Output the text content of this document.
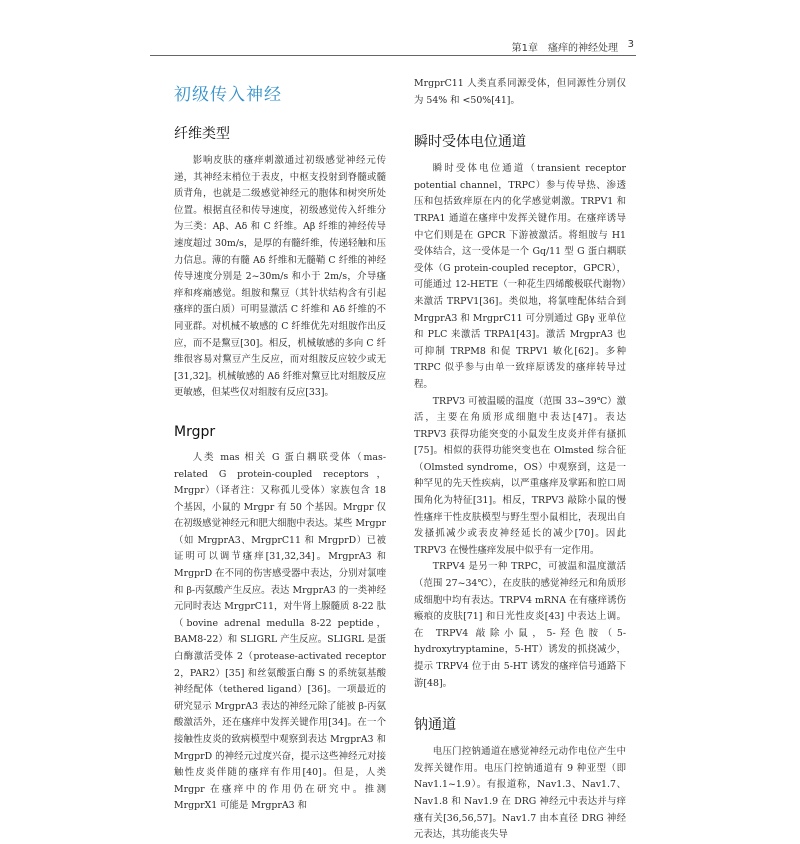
第1章　瘙痒的神经处理 3
初级传入神经
纤维类型

影响皮肤的瘙痒刺激通过初级感觉神经元传递，其神经末梢位于表皮，中枢支投射到脊髓或髓质背角，也就是二级感觉神经元的胞体和树突所处位置。根据直径和传导速度，初级感觉传入纤维分为三类：Aβ、Aδ 和 C 纤维。Aβ 纤维的神经传导速度超过 30m/s，是厚的有髓纤维，传递轻触和压力信息。薄的有髓 Aδ 纤维和无髓鞘 C 纤维的神经传导速度分别是 2~30m/s 和小于 2m/s，介导瘙痒和疼痛感觉。组胺和黧豆（其针状结构含有引起瘙痒的蛋白质）可明显激活 C 纤维和 Aδ 纤维的不同亚群。对机械不敏感的 C 纤维优先对组胺作出反应，而不是黧豆[30]。相反，机械敏感的多向 C 纤维很容易对黧豆产生反应，而对组胺反应较少或无[31,32]。机械敏感的 Aδ 纤维对黧豆比对组胺反应更敏感，但某些仅对组胺有反应[33]。

Mrgpr

人类 mas 相关 G 蛋白耦联受体（mas-related G protein-coupled receptors，Mrgpr）（译者注：又称孤儿受体）家族包含 18 个基因，小鼠的 Mrgpr 有 50 个基因。Mrgpr 仅在初级感觉神经元和肥大细胞中表达。某些 Mrgpr（如 MrgprA3、MrgprC11 和 MrgprD）已被证明可以调节瘙痒[31,32,34]。MrgprA3 和 MrgprD 在不同的伤害感受器中表达，分别对氯喹和 β-丙氨酸产生反应。表达 MrgprA3 的一类神经元同时表达 MrgprC11，对牛肾上腺髓质 8-22 肽（bovine adrenal medulla 8-22 peptide，BAM8-22）和 SLIGRL 产生反应。SLIGRL 是蛋白酶激活受体 2（protease-activated receptor 2，PAR2）[35] 和丝氨酸蛋白酶 S 的系统氨基酸神经配体（tethered ligand）[36]。一项最近的研究显示 MrgprA3 表达的神经元除了能被 β-丙氨酸激活外，还在瘙痒中发挥关键作用[34]。在一个接触性皮炎的致病模型中观察到表达 MrgprA3 和 MrgprD 的神经元过度兴奋，提示这些神经元对接触性皮炎伴随的瘙痒有作用[40]。但是，人类 Mrgpr 在瘙痒中的作用仍在研究中。推测 MrgprX1 可能是 MrgprA3 和

MrgprC11 人类直系同源受体，但同源性分别仅为 54% 和 <50%[41]。

瞬时受体电位通道

瞬时受体电位通道（transient receptor potential channel，TRPC）参与传导热、渗透压和包括致痒原在内的化学感觉刺激。TRPV1 和 TRPA1 通道在瘙痒中发挥关键作用。在瘙痒诱导中它们则是在 GPCR 下游被激活。将组胺与 H1 受体结合，这一受体是一个 Gq/11 型 G 蛋白耦联受体（G protein-coupled receptor，GPCR），可能通过 12-HETE（一种花生四烯酸极联代谢物）来激活 TRPV1[36]。类似地，将氯喹配体结合到 MrgprA3 和 MrgprC11 可分别通过 Gβγ 亚单位和 PLC 来激活 TRPA1[43]。激活 MrgprA3 也可抑制 TRPM8 和促 TRPV1 敏化[62]。多种 TRPC 似乎参与由单一致痒原诱发的瘙痒转导过程。

TRPV3 可被温暖的温度（范围 33~39℃）激活，主要在角质形成细胞中表达[47]。表达 TRPV3 获得功能突变的小鼠发生皮炎并伴有搔抓[75]。相似的获得功能突变也在 Olmsted 综合征（Olmsted syndrome，OS）中观察到，这是一种罕见的先天性疾病，以严重瘙痒及掌跖和腔口周围角化为特征[31]。相反，TRPV3 敲除小鼠的慢性瘙痒干性皮肤模型与野生型小鼠相比，表现出自发搔抓减少或表皮神经延长的减少[70]。因此 TRPV3 在慢性瘙痒发展中似乎有一定作用。

TRPV4 是另一种 TRPC，可被温和温度激活（范围 27~34℃），在皮肤的感觉神经元和角质形成细胞中均有表达。TRPV4 mRNA 在有瘙痒诱伤瘢痕的皮肤[71] 和日光性皮炎[43] 中表达上调。在 TRPV4 敲除小鼠，5-羟色胺（5-hydroxytryptamine，5-HT）诱发的抓挠减少，提示 TRPV4 位于由 5-HT 诱发的瘙痒信号通路下游[48]。

钠通道

电压门控钠通道在感觉神经元动作电位产生中发挥关键作用。电压门控钠通道有 9 种亚型（即 Nav1.1~1.9）。有报道称，Nav1.3、Nav1.7、Nav1.8 和 Nav1.9 在 DRG 神经元中表达并与痒瘙有关[36,56,57]。Nav1.7 由本直径 DRG 神经元表达，其功能丧失导
